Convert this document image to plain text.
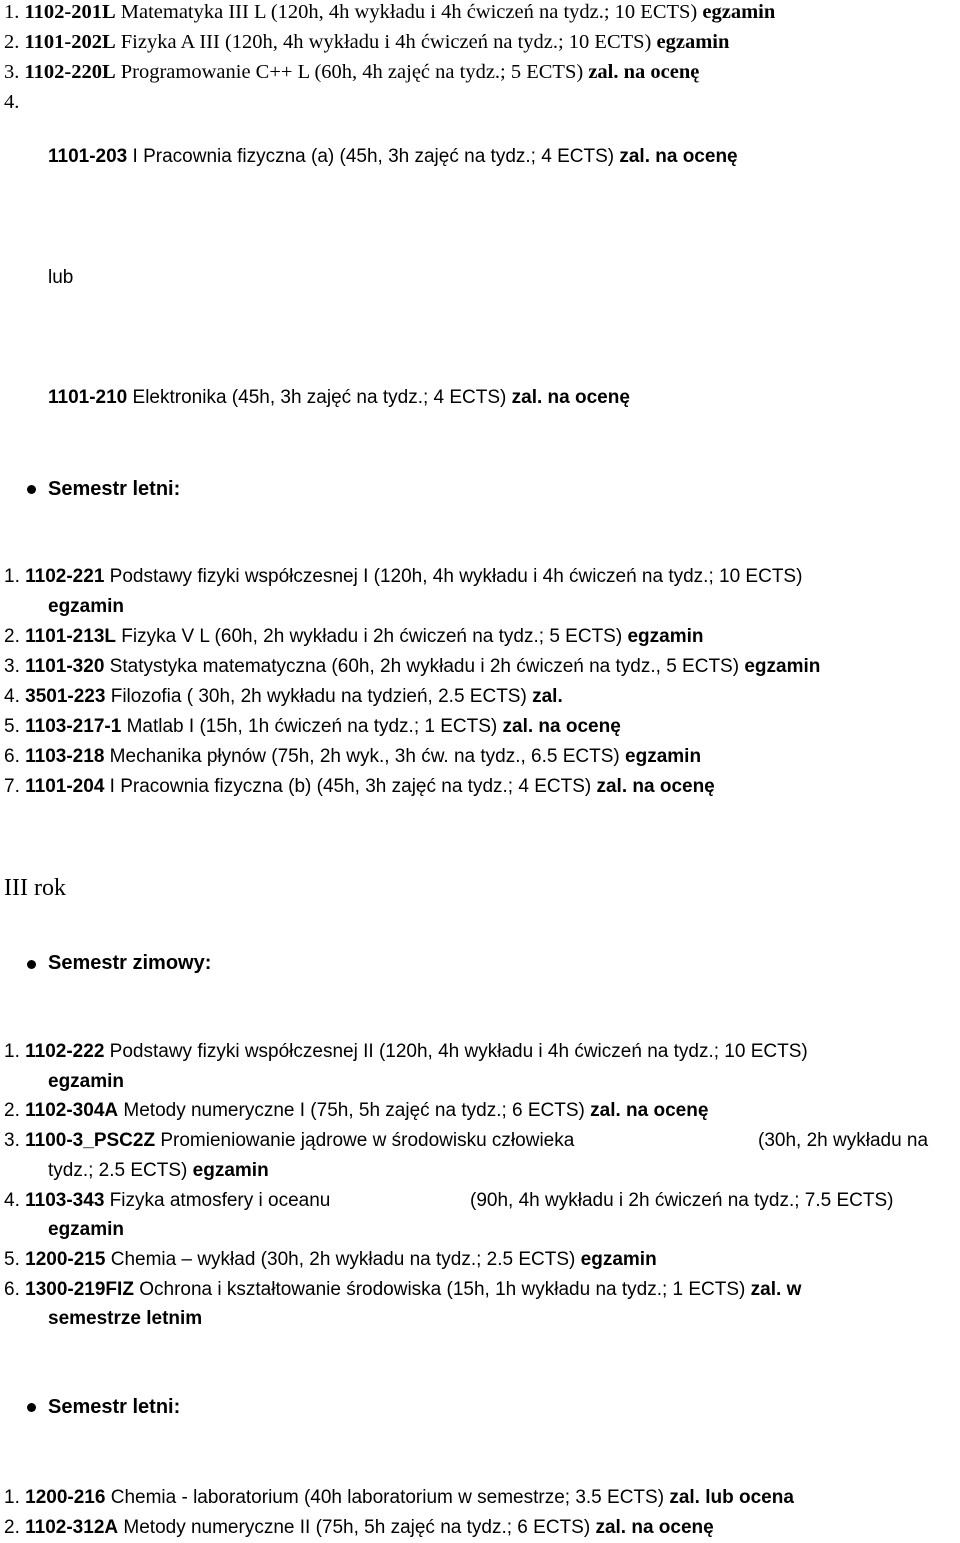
1. 1102-201L Matematyka III L (120h, 4h wykładu i 4h ćwiczeń na tydz.; 10 ECTS) egzamin
2. 1101-202L Fizyka A III (120h, 4h wykładu i 4h ćwiczeń na tydz.; 10 ECTS) egzamin
3. 1102-220L Programowanie C++ L (60h, 4h zajęć na tydz.; 5 ECTS) zal. na ocenę
4.
1101-203 I Pracownia fizyczna (a) (45h, 3h zajęć na tydz.; 4 ECTS) zal. na ocenę
lub
1101-210 Elektronika (45h, 3h zajęć na tydz.; 4 ECTS) zal. na ocenę
Semestr letni:
1. 1102-221 Podstawy fizyki współczesnej I (120h, 4h wykładu i 4h ćwiczeń na tydz.; 10 ECTS)
egzamin
2. 1101-213L Fizyka V L (60h, 2h wykładu i 2h ćwiczeń na tydz.; 5 ECTS) egzamin
3. 1101-320 Statystyka matematyczna (60h, 2h wykładu i 2h ćwiczeń na tydz., 5 ECTS) egzamin
4. 3501-223 Filozofia ( 30h, 2h wykładu na tydzień, 2.5 ECTS) zal.
5. 1103-217-1 Matlab I (15h, 1h ćwiczeń na tydz.; 1 ECTS) zal. na ocenę
6. 1103-218 Mechanika płynów (75h, 2h wyk., 3h ćw. na tydz., 6.5 ECTS) egzamin
7. 1101-204 I Pracownia fizyczna (b) (45h, 3h zajęć na tydz.; 4 ECTS) zal. na ocenę
III rok
Semestr zimowy:
1. 1102-222 Podstawy fizyki współczesnej II (120h, 4h wykładu i 4h ćwiczeń na tydz.; 10 ECTS)
egzamin
2. 1102-304A Metody numeryczne I (75h, 5h zajęć na tydz.; 6 ECTS) zal. na ocenę
3. 1100-3_PSC2Z Promieniowanie jądrowe w środowisku człowieka	(30h, 2h wykładu na
tydz.; 2.5 ECTS) egzamin
4. 1103-343 Fizyka atmosfery i oceanu	(90h, 4h wykładu i 2h ćwiczeń na tydz.; 7.5 ECTS)
egzamin
5. 1200-215 Chemia – wykład (30h, 2h wykładu na tydz.; 2.5 ECTS) egzamin
6. 1300-219FIZ Ochrona i kształtowanie środowiska (15h, 1h wykładu na tydz.; 1 ECTS) zal. w
semestrze letnim
Semestr letni:
1. 1200-216 Chemia - laboratorium (40h laboratorium w semestrze; 3.5 ECTS) zal. lub ocena
2. 1102-312A Metody numeryczne II (75h, 5h zajęć na tydz.; 6 ECTS) zal. na ocenę
